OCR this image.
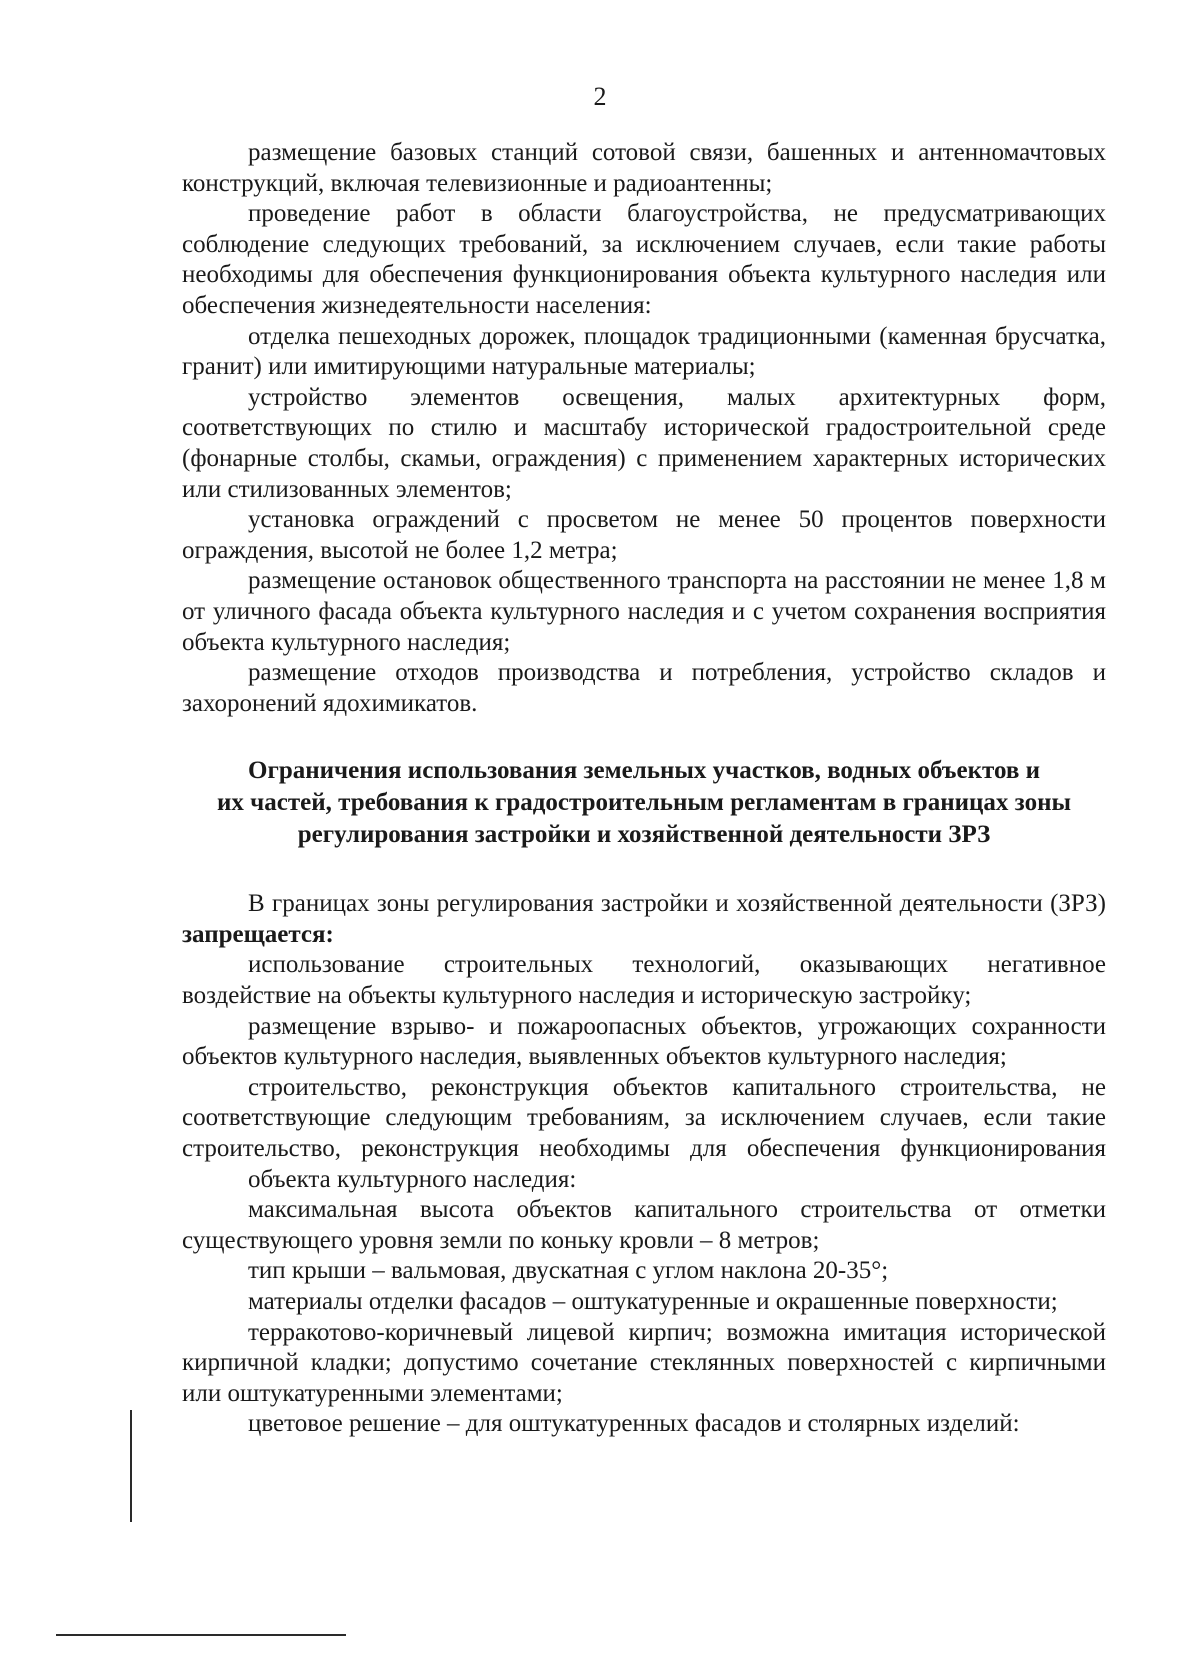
2

размещение базовых станций сотовой связи, башенных и антенномачтовых конструкций, включая телевизионные и радиоантенны;

проведение работ в области благоустройства, не предусматривающих соблюдение следующих требований, за исключением случаев, если такие работы необходимы для обеспечения функционирования объекта культурного наследия или обеспечения жизнедеятельности населения:

отделка пешеходных дорожек, площадок традиционными (каменная брусчатка, гранит) или имитирующими натуральные материалы;

устройство элементов освещения, малых архитектурных форм, соответствующих по стилю и масштабу исторической градостроительной среде (фонарные столбы, скамьи, ограждения) с применением характерных исторических или стилизованных элементов;

установка ограждений с просветом не менее 50 процентов поверхности ограждения, высотой не более 1,2 метра;

размещение остановок общественного транспорта на расстоянии не менее 1,8 м от уличного фасада объекта культурного наследия и с учетом сохранения восприятия объекта культурного наследия;

размещение отходов производства и потребления, устройство складов и захоронений ядохимикатов.

Ограничения использования земельных участков, водных объектов и
их частей, требования к градостроительным регламентам в границах зоны
регулирования застройки и хозяйственной деятельности ЗРЗ

В границах зоны регулирования застройки и хозяйственной деятельности (ЗРЗ) запрещается:

использование строительных технологий, оказывающих негативное воздействие на объекты культурного наследия и историческую застройку;

размещение взрыво- и пожароопасных объектов, угрожающих сохранности объектов культурного наследия, выявленных объектов культурного наследия;

строительство, реконструкция объектов капитального строительства, не соответствующие следующим требованиям, за исключением случаев, если такие строительство, реконструкция необходимы для обеспечения функционирования

объекта культурного наследия:

максимальная высота объектов капитального строительства от отметки существующего уровня земли по коньку кровли – 8 метров;

тип крыши – вальмовая, двускатная с углом наклона 20-35°;

материалы отделки фасадов – оштукатуренные и окрашенные поверхности;

терракотово-коричневый лицевой кирпич; возможна имитация исторической кирпичной кладки; допустимо сочетание стеклянных поверхностей с кирпичными или оштукатуренными элементами;

цветовое решение – для оштукатуренных фасадов и столярных изделий:
